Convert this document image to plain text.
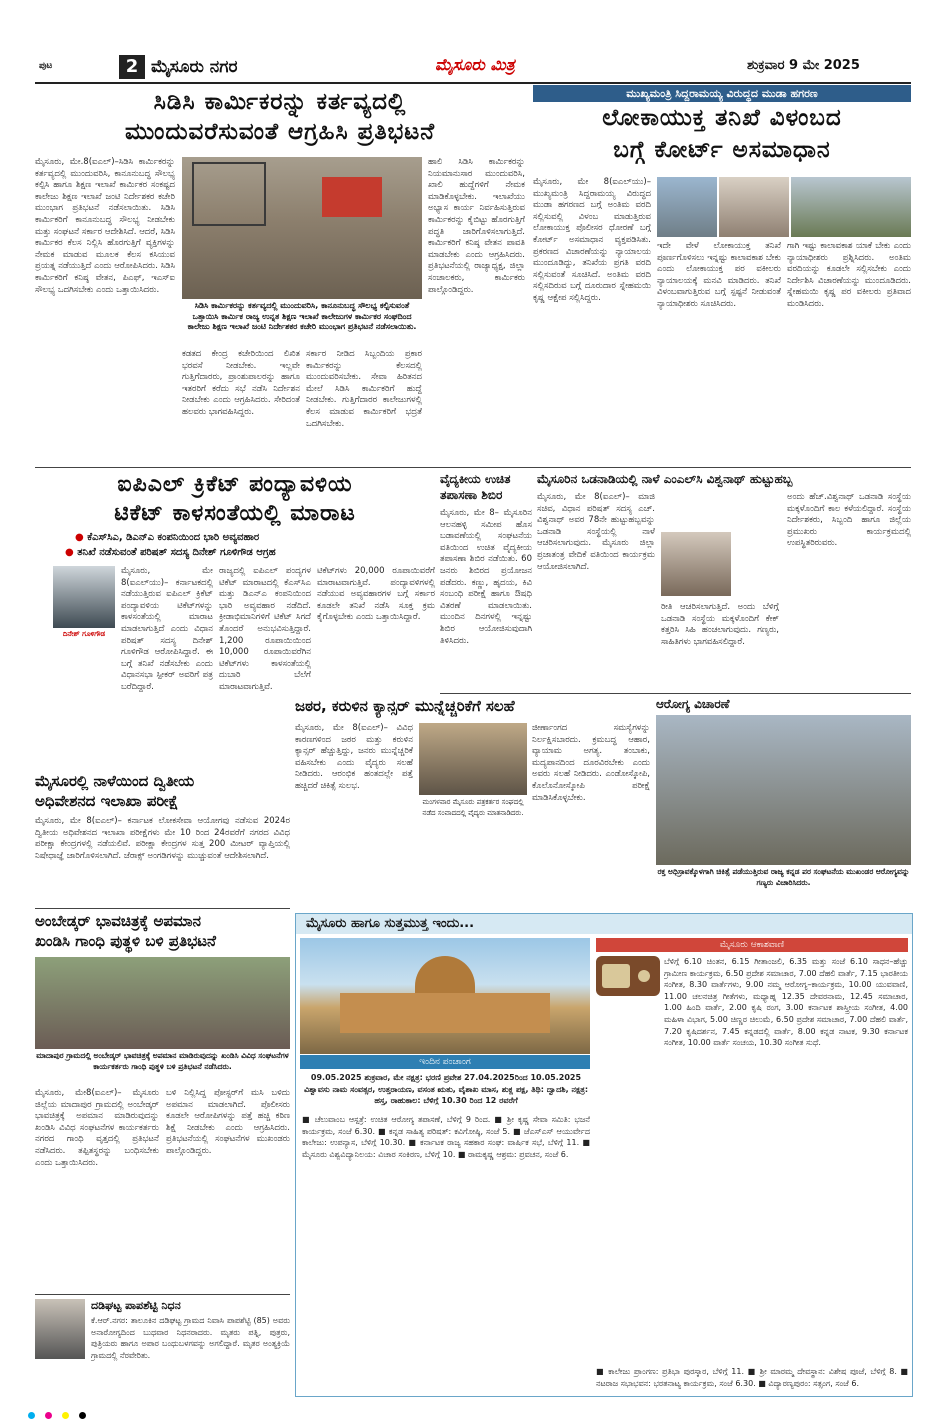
ಪುಟ	2 ಮೈಸೂರು ನಗರ	ಮೈಸೂರು ಮಿತ್ರ	ಶುಕ್ರವಾರ 9 ಮೇ 2025
ಸಿಡಿಸಿ ಕಾರ್ಮಿಕರನ್ನು ಕರ್ತವ್ಯದಲ್ಲಿ
ಮುಂದುವರೆಸುವಂತೆ ಆಗ್ರಹಿಸಿ ಪ್ರತಿಭಟನೆ
ಮೈಸೂರು, ಮೇ.8(ಐಎಲ್)–ಸಿಡಿಸಿ ಕಾರ್ಮಿಕರನ್ನು ಕರ್ತವ್ಯದಲ್ಲಿ ಮುಂದುವರಿಸಿ, ಕಾನೂನುಬದ್ಧ ಸೌಲಭ್ಯ ಕಲ್ಪಿಸಿ ಹಾಗೂ ಶಿಕ್ಷಣ ಇಲಾಖೆ ಕಾರ್ಮಿಕರ ಸಂಕಷ್ಟದ ಕಾಲೇಜು ಶಿಕ್ಷಣ ಇಲಾಖೆ ಜಂಟಿ ನಿರ್ದೇಶಕರ ಕಚೇರಿ ಮುಂಭಾಗ ಪ್ರತಿಭಟನೆ ನಡೆಸಲಾಯಿತು. ಸಿಡಿಸಿ ಕಾರ್ಮಿಕರಿಗೆ ಕಾನೂನುಬದ್ಧ ಸೌಲಭ್ಯ ನೀಡಬೇಕು ಮತ್ತು ಸಂಘಟನೆ ಸರ್ಕಾರ ಆದೇಶಿಸಿದೆ. ಆದರೆ, ಸಿಡಿಸಿ ಕಾರ್ಮಿಕರ ಕೆಲಸ ನಿಲ್ಲಿಸಿ ಹೊರಗುತ್ತಿಗೆ ವ್ಯಕ್ತಿಗಳನ್ನು ನೇಮಕ ಮಾಡುವ ಮೂಲಕ ಕೆಲಸ ಕಸಿಯುವ ಪ್ರಯತ್ನ ನಡೆಯುತ್ತಿದೆ ಎಂದು ಆರೋಪಿಸಿದರು. ಸಿಡಿಸಿ ಕಾರ್ಮಿಕರಿಗೆ ಕನಿಷ್ಠ ವೇತನ, ಪಿಎಫ್, ಇಎಸ್ಐ ಸೌಲಭ್ಯ ಒದಗಿಸಬೇಕು ಎಂದು ಒತ್ತಾಯಿಸಿದರು.
ಸಿಡಿಸಿ ಕಾರ್ಮಿಕರನ್ನು ಕರ್ತವ್ಯದಲ್ಲಿ ಮುಂದುವರಿಸಿ, ಕಾನೂನುಬದ್ಧ ಸೌಲಭ್ಯ ಕಲ್ಪಿಸುವಂತೆ ಒತ್ತಾಯಿಸಿ ಕಾರ್ಮಿಕ ರಾಜ್ಯ ಉನ್ನತ ಶಿಕ್ಷಣ ಇಲಾಖೆ ಕಾಲೇಜುಗಳ ಕಾರ್ಮಿಕರ ಸಂಘದಿಂದ ಕಾಲೇಜು ಶಿಕ್ಷಣ ಇಲಾಖೆ ಜಂಟಿ ನಿರ್ದೇಶಕರ ಕಚೇರಿ ಮುಂಭಾಗ ಪ್ರತಿಭಟನೆ ನಡೆಸಲಾಯಿತು.
ಕಡತದ ಕೇಂದ್ರ ಕಚೇರಿಯಿಂದ ಲಿಖಿತ ಭರವಸೆ ನೀಡಬೇಕು. ಇಲ್ಲವೇ ಗುತ್ತಿಗೆದಾರರು, ಪ್ರಾಂಶುಪಾಲರನ್ನು ಹಾಗೂ ಇತರರಿಗೆ ಕರೆದು ಸಭೆ ನಡೆಸಿ ನಿರ್ದೇಶನ ನೀಡಬೇಕು ಎಂದು ಆಗ್ರಹಿಸಿದರು. ಸೇರಿದಂತೆ ಹಲವರು ಭಾಗವಹಿಸಿದ್ದರು.
ಸರ್ಕಾರ ನೀಡಿದ ಸಿಬ್ಬಂದಿಯ ಪ್ರಕಾರ ಕಾರ್ಮಿಕರನ್ನು ಕೆಲಸದಲ್ಲಿ ಮುಂದುವರಿಸಬೇಕು. ಸೇವಾ ಹಿರಿತನದ ಮೇಲೆ ಸಿಡಿಸಿ ಕಾರ್ಮಿಕರಿಗೆ ಹುದ್ದೆ ನೀಡಬೇಕು. ಗುತ್ತಿಗೆದಾರರ ಕಾಲೇಜುಗಳಲ್ಲಿ ಕೆಲಸ ಮಾಡುವ ಕಾರ್ಮಿಕರಿಗೆ ಭದ್ರತೆ ಒದಗಿಸಬೇಕು.
ಹಾಲಿ ಸಿಡಿಸಿ ಕಾರ್ಮಿಕರನ್ನು ನಿಯಮಾನುಸಾರ ಮುಂದುವರಿಸಿ, ಖಾಲಿ ಹುದ್ದೆಗಳಿಗೆ ನೇಮಕ ಮಾಡಿಕೊಳ್ಳಬೇಕು. ಇಲಾಖೆಯು ಅಭ್ಯಾಸ ಕಾರ್ಯ ನಿರ್ವಹಿಸುತ್ತಿರುವ ಕಾರ್ಮಿಕರನ್ನು ಕೈಬಿಟ್ಟು ಹೊರಗುತ್ತಿಗೆ ಪದ್ಧತಿ ಜಾರಿಗೊಳಿಸಲಾಗುತ್ತಿದೆ. ಕಾರ್ಮಿಕರಿಗೆ ಕನಿಷ್ಠ ವೇತನ ಪಾವತಿ ಮಾಡಬೇಕು ಎಂದು ಆಗ್ರಹಿಸಿದರು. ಪ್ರತಿಭಟನೆಯಲ್ಲಿ ರಾಜ್ಯಾಧ್ಯಕ್ಷ, ಜಿಲ್ಲಾ ಸಂಚಾಲಕರು, ಕಾರ್ಮಿಕರು ಪಾಲ್ಗೊಂಡಿದ್ದರು.
ಮುಖ್ಯಮಂತ್ರಿ ಸಿದ್ದರಾಮಯ್ಯ ವಿರುದ್ಧದ ಮುಡಾ ಹಗರಣ
ಲೋಕಾಯುಕ್ತ ತನಿಖೆ ವಿಳಂಬದ
ಬಗ್ಗೆ ಕೋರ್ಟ್ ಅಸಮಾಧಾನ
ಮೈಸೂರು, ಮೇ 8(ಐಎಲ್‌ಯು)– ಮುಖ್ಯಮಂತ್ರಿ ಸಿದ್ದರಾಮಯ್ಯ ವಿರುದ್ಧದ ಮುಡಾ ಹಗರಣದ ಬಗ್ಗೆ ಅಂತಿಮ ವರದಿ ಸಲ್ಲಿಸುವಲ್ಲಿ ವಿಳಂಬ ಮಾಡುತ್ತಿರುವ ಲೋಕಾಯುಕ್ತ ಪೊಲೀಸರ ಧೋರಣೆ ಬಗ್ಗೆ ಕೋರ್ಟ್ ಅಸಮಾಧಾನ ವ್ಯಕ್ತಪಡಿಸಿತು. ಪ್ರಕರಣದ ವಿಚಾರಣೆಯನ್ನು ನ್ಯಾಯಾಲಯ ಮುಂದೂಡಿದ್ದು, ತನಿಖೆಯ ಪ್ರಗತಿ ವರದಿ ಸಲ್ಲಿಸುವಂತೆ ಸೂಚಿಸಿದೆ. ಅಂತಿಮ ವರದಿ ಸಲ್ಲಿಸದಿರುವ ಬಗ್ಗೆ ದೂರುದಾರ ಸ್ನೇಹಮಯಿ ಕೃಷ್ಣ ಆಕ್ಷೇಪ ಸಲ್ಲಿಸಿದ್ದರು.
ಇದೇ ವೇಳೆ ಲೋಕಾಯುಕ್ತ ತನಿಖೆ ಪೂರ್ಣಗೊಳಿಸಲು ಇನ್ನಷ್ಟು ಕಾಲಾವಕಾಶ ಬೇಕು ಎಂದು ಲೋಕಾಯುಕ್ತ ಪರ ವಕೀಲರು ನ್ಯಾಯಾಲಯಕ್ಕೆ ಮನವಿ ಮಾಡಿದರು. ತನಿಖೆ ವಿಳಂಬವಾಗುತ್ತಿರುವ ಬಗ್ಗೆ ಸ್ಪಷ್ಟನೆ ನೀಡುವಂತೆ ನ್ಯಾಯಾಧೀಶರು ಸೂಚಿಸಿದರು.
ಗಾಗಿ ಇಷ್ಟು ಕಾಲಾವಕಾಶ ಯಾಕೆ ಬೇಕು ಎಂದು ನ್ಯಾಯಾಧೀಶರು ಪ್ರಶ್ನಿಸಿದರು. ಅಂತಿಮ ವರದಿಯನ್ನು ಕೂಡಲೇ ಸಲ್ಲಿಸಬೇಕು ಎಂದು ನಿರ್ದೇಶಿಸಿ ವಿಚಾರಣೆಯನ್ನು ಮುಂದೂಡಿದರು. ಸ್ನೇಹಮಯಿ ಕೃಷ್ಣ ಪರ ವಕೀಲರು ಪ್ರತಿವಾದ ಮಂಡಿಸಿದರು.
ಐಪಿಎಲ್ ಕ್ರಿಕೆಟ್ ಪಂದ್ಯಾವಳಿಯ
ಟಿಕೆಟ್ ಕಾಳಸಂತೆಯಲ್ಲಿ ಮಾರಾಟ
● ಕೆಎಸ್‌ಸಿಎ, ಡಿಎನ್‌ಎ ಕಂಪನಿಯಿಂದ ಭಾರಿ ಅವ್ಯವಹಾರ
● ತನಿಖೆ ನಡೆಸುವಂತೆ ಪರಿಷತ್ ಸದಸ್ಯ ದಿನೇಶ್ ಗೂಳಿಗೌಡ ಆಗ್ರಹ
ದಿನೇಶ್ ಗೂಳಿಗೌಡ
ಮೈಸೂರು, ಮೇ 8(ಐಎಲ್‌ಯು)– ಕರ್ನಾಟಕದಲ್ಲಿ ನಡೆಯುತ್ತಿರುವ ಐಪಿಎಲ್ ಕ್ರಿಕೆಟ್ ಪಂದ್ಯಾವಳಿಯ ಟಿಕೆಟ್‌ಗಳನ್ನು ಕಾಳಸಂತೆಯಲ್ಲಿ ಮಾರಾಟ ಮಾಡಲಾಗುತ್ತಿದೆ ಎಂದು ವಿಧಾನ ಪರಿಷತ್ ಸದಸ್ಯ ದಿನೇಶ್ ಗೂಳಿಗೌಡ ಆರೋಪಿಸಿದ್ದಾರೆ. ಈ ಬಗ್ಗೆ ತನಿಖೆ ನಡೆಸಬೇಕು ಎಂದು ವಿಧಾನಸಭಾ ಸ್ಪೀಕರ್‌ ಅವರಿಗೆ ಪತ್ರ ಬರೆದಿದ್ದಾರೆ.
ರಾಜ್ಯದಲ್ಲಿ ಐಪಿಎಲ್ ಪಂದ್ಯಗಳ ಟಿಕೆಟ್ ಮಾರಾಟದಲ್ಲಿ ಕೆಎಸ್‌ಸಿಎ ಮತ್ತು ಡಿಎನ್‌ಎ ಕಂಪನಿಯಿಂದ ಭಾರಿ ಅವ್ಯವಹಾರ ನಡೆದಿದೆ. ಕ್ರೀಡಾಭಿಮಾನಿಗಳಿಗೆ ಟಿಕೆಟ್ ಸಿಗದೆ ತೊಂದರೆ ಅನುಭವಿಸುತ್ತಿದ್ದಾರೆ. 1,200 ರೂಪಾಯಿಯಿಂದ 10,000 ರೂಪಾಯಿವರೆಗಿನ ಟಿಕೆಟ್‌ಗಳು ಕಾಳಸಂತೆಯಲ್ಲಿ ದುಬಾರಿ ಬೆಲೆಗೆ ಮಾರಾಟವಾಗುತ್ತಿವೆ.
ಟಿಕೆಟ್‌ಗಳು 20,000 ರೂಪಾಯಿವರೆಗೆ ಮಾರಾಟವಾಗುತ್ತಿವೆ. ಪಂದ್ಯಾವಳಿಗಳಲ್ಲಿ ನಡೆಯುವ ಅವ್ಯವಹಾರಗಳ ಬಗ್ಗೆ ಸರ್ಕಾರ ಕೂಡಲೇ ತನಿಖೆ ನಡೆಸಿ ಸೂಕ್ತ ಕ್ರಮ ಕೈಗೊಳ್ಳಬೇಕು ಎಂದು ಒತ್ತಾಯಿಸಿದ್ದಾರೆ.
ವೈದ್ಯಕೀಯ ಉಚಿತ
ತಪಾಸಣಾ ಶಿಬಿರ
ಮೈಸೂರು, ಮೇ 8– ಮೈಸೂರಿನ ಆಲನಹಳ್ಳಿ ಸಮೀಪ ಹೊಸ ಬಡಾವಣೆಯಲ್ಲಿ ಸಂಘಟನೆಯ ವತಿಯಿಂದ ಉಚಿತ ವೈದ್ಯಕೀಯ ತಪಾಸಣಾ ಶಿಬಿರ ನಡೆಯಿತು. 60 ಜನರು ಶಿಬಿರದ ಪ್ರಯೋಜನ ಪಡೆದರು. ಕಣ್ಣು, ಹೃದಯ, ಕಿವಿ ಸಂಬಂಧಿ ಪರೀಕ್ಷೆ ಹಾಗೂ ಔಷಧಿ ವಿತರಣೆ ಮಾಡಲಾಯಿತು. ಮುಂದಿನ ದಿನಗಳಲ್ಲಿ ಇನ್ನಷ್ಟು ಶಿಬಿರ ಆಯೋಜಿಸುವುದಾಗಿ ತಿಳಿಸಿದರು.
ಮೈಸೂರಿನ ಒಡನಾಡಿಯಲ್ಲಿ ನಾಳೆ ಎಂಎಲ್‌ಸಿ ವಿಶ್ವನಾಥ್ ಹುಟ್ಟುಹಬ್ಬ
ಮೈಸೂರು, ಮೇ 8(ಐಎಲ್)– ಮಾಜಿ ಸಚಿವ, ವಿಧಾನ ಪರಿಷತ್ ಸದಸ್ಯ ಎಚ್. ವಿಶ್ವನಾಥ್ ಅವರ 78ನೇ ಹುಟ್ಟುಹಬ್ಬವನ್ನು ಒಡನಾಡಿ ಸಂಸ್ಥೆಯಲ್ಲಿ ನಾಳೆ ಆಚರಿಸಲಾಗುವುದು. ಮೈಸೂರು ಜಿಲ್ಲಾ ಪ್ರಜಾತಂತ್ರ ವೇದಿಕೆ ವತಿಯಿಂದ ಕಾರ್ಯಕ್ರಮ ಆಯೋಜಿಸಲಾಗಿದೆ.
ರೀತಿ ಆಚರಿಸಲಾಗುತ್ತಿದೆ. ಅಂದು ಬೆಳಿಗ್ಗೆ ಒಡನಾಡಿ ಸಂಸ್ಥೆಯ ಮಕ್ಕಳೊಂದಿಗೆ ಕೇಕ್ ಕತ್ತರಿಸಿ ಸಿಹಿ ಹಂಚಲಾಗುವುದು. ಗಣ್ಯರು, ಸಾಹಿತಿಗಳು ಭಾಗವಹಿಸಲಿದ್ದಾರೆ.
ಅಂದು ಹೆಚ್.ವಿಶ್ವನಾಥ್ ಒಡನಾಡಿ ಸಂಸ್ಥೆಯ ಮಕ್ಕಳೊಂದಿಗೆ ಕಾಲ ಕಳೆಯಲಿದ್ದಾರೆ. ಸಂಸ್ಥೆಯ ನಿರ್ದೇಶಕರು, ಸಿಬ್ಬಂದಿ ಹಾಗೂ ಜಿಲ್ಲೆಯ ಪ್ರಮುಖರು ಕಾರ್ಯಕ್ರಮದಲ್ಲಿ ಉಪಸ್ಥಿತರಿರುವರು.
ಜಠರ, ಕರುಳಿನ ಕ್ಯಾನ್ಸರ್ ಮುನ್ನೆಚ್ಚರಿಕೆಗೆ ಸಲಹೆ
ಮೈಸೂರು, ಮೇ 8(ಐಎಲ್)– ವಿವಿಧ ಕಾರಣಗಳಿಂದ ಜಠರ ಮತ್ತು ಕರುಳಿನ ಕ್ಯಾನ್ಸರ್ ಹೆಚ್ಚುತ್ತಿದ್ದು, ಜನರು ಮುನ್ನೆಚ್ಚರಿಕೆ ವಹಿಸಬೇಕು ಎಂದು ವೈದ್ಯರು ಸಲಹೆ ನೀಡಿದರು. ಆರಂಭಿಕ ಹಂತದಲ್ಲೇ ಪತ್ತೆ ಹಚ್ಚಿದರೆ ಚಿಕಿತ್ಸೆ ಸುಲಭ.
ಮಂಗಳವಾರ ಮೈಸೂರು ಪತ್ರಕರ್ತರ ಸಂಘದಲ್ಲಿ ನಡೆದ ಸಂವಾದದಲ್ಲಿ ವೈದ್ಯರು ಮಾತನಾಡಿದರು.
ಜೀರ್ಣಾಂಗದ ಸಮಸ್ಯೆಗಳನ್ನು ನಿರ್ಲಕ್ಷಿಸಬಾರದು. ಕ್ರಮಬದ್ಧ ಆಹಾರ, ವ್ಯಾಯಾಮ ಅಗತ್ಯ. ತಂಬಾಕು, ಮದ್ಯಪಾನದಿಂದ ದೂರವಿರಬೇಕು ಎಂದು ಅವರು ಸಲಹೆ ನೀಡಿದರು. ಎಂಡೋಸ್ಕೋಪಿ, ಕೊಲೊನೋಸ್ಕೋಪಿ ಪರೀಕ್ಷೆ ಮಾಡಿಸಿಕೊಳ್ಳಬೇಕು.
ಆರೋಗ್ಯ ವಿಚಾರಣೆ
ರಕ್ತ ಅಧಿಸ್ರಾವಕ್ಕೊಳಗಾಗಿ ಚಿಕಿತ್ಸೆ ಪಡೆಯುತ್ತಿರುವ ರಾಜ್ಯ ಕನ್ನಡ ಪರ ಸಂಘಟನೆಯ ಮುಖಂಡರ ಆರೋಗ್ಯವನ್ನು ಗಣ್ಯರು ವಿಚಾರಿಸಿದರು.
ಮೈಸೂರಲ್ಲಿ ನಾಳೆಯಿಂದ ದ್ವಿತೀಯ
ಅಧಿವೇಶನದ ಇಲಾಖಾ ಪರೀಕ್ಷೆ
ಮೈಸೂರು, ಮೇ 8(ಐಎಲ್)– ಕರ್ನಾಟಕ ಲೋಕಸೇವಾ ಆಯೋಗವು ನಡೆಸುವ 2024ರ ದ್ವಿತೀಯ ಅಧಿವೇಶನದ ಇಲಾಖಾ ಪರೀಕ್ಷೆಗಳು ಮೇ 10 ರಿಂದ 24ರವರೆಗೆ ನಗರದ ವಿವಿಧ ಪರೀಕ್ಷಾ ಕೇಂದ್ರಗಳಲ್ಲಿ ನಡೆಯಲಿವೆ. ಪರೀಕ್ಷಾ ಕೇಂದ್ರಗಳ ಸುತ್ತ 200 ಮೀಟರ್ ವ್ಯಾಪ್ತಿಯಲ್ಲಿ ನಿಷೇಧಾಜ್ಞೆ ಜಾರಿಗೊಳಿಸಲಾಗಿದೆ. ಜೆರಾಕ್ಸ್ ಅಂಗಡಿಗಳನ್ನು ಮುಚ್ಚುವಂತೆ ಆದೇಶಿಸಲಾಗಿದೆ.
ಅಂಬೇಡ್ಕರ್ ಭಾವಚಿತ್ರಕ್ಕೆ ಅಪಮಾನ
ಖಂಡಿಸಿ ಗಾಂಧಿ ಪುತ್ಥಳಿ ಬಳಿ ಪ್ರತಿಭಟನೆ
ಮಾದಾಪುರ ಗ್ರಾಮದಲ್ಲಿ ಅಂಬೇಡ್ಕರ್ ಭಾವಚಿತ್ರಕ್ಕೆ ಅಪಮಾನ ಮಾಡಿರುವುದನ್ನು ಖಂಡಿಸಿ ವಿವಿಧ ಸಂಘಟನೆಗಳ ಕಾರ್ಯಕರ್ತರು ಗಾಂಧಿ ಪುತ್ಥಳಿ ಬಳಿ ಪ್ರತಿಭಟನೆ ನಡೆಸಿದರು.
ಮೈಸೂರು, ಮೇ8(ಐಎಲ್)– ಮೈಸೂರು ಜಿಲ್ಲೆಯ ಮಾದಾಪುರ ಗ್ರಾಮದಲ್ಲಿ ಅಂಬೇಡ್ಕರ್ ಭಾವಚಿತ್ರಕ್ಕೆ ಅಪಮಾನ ಮಾಡಿರುವುದನ್ನು ಖಂಡಿಸಿ ವಿವಿಧ ಸಂಘಟನೆಗಳ ಕಾರ್ಯಕರ್ತರು ನಗರದ ಗಾಂಧಿ ವೃತ್ತದಲ್ಲಿ ಪ್ರತಿಭಟನೆ ನಡೆಸಿದರು. ತಪ್ಪಿತಸ್ಥರನ್ನು ಬಂಧಿಸಬೇಕು ಎಂದು ಒತ್ತಾಯಿಸಿದರು.
ಬಳಿ ನಿಲ್ಲಿಸಿದ್ದ ಪೋಸ್ಟರ್‌ಗೆ ಮಸಿ ಬಳಿದು ಅಪಮಾನ ಮಾಡಲಾಗಿದೆ. ಪೊಲೀಸರು ಕೂಡಲೇ ಆರೋಪಿಗಳನ್ನು ಪತ್ತೆ ಹಚ್ಚಿ ಕಠಿಣ ಶಿಕ್ಷೆ ನೀಡಬೇಕು ಎಂದು ಆಗ್ರಹಿಸಿದರು. ಪ್ರತಿಭಟನೆಯಲ್ಲಿ ಸಂಘಟನೆಗಳ ಮುಖಂಡರು ಪಾಲ್ಗೊಂಡಿದ್ದರು.
ದಡಿಘಟ್ಟ ಪಾಪಶೆಟ್ಟಿ ನಿಧನ
ಕೆ.ಆರ್.ನಗರ: ತಾಲೂಕಿನ ದಡಿಘಟ್ಟ ಗ್ರಾಮದ ನಿವಾಸಿ ಪಾಪಶೆಟ್ಟಿ (85) ಅವರು ಅನಾರೋಗ್ಯದಿಂದ ಬುಧವಾರ ನಿಧನರಾದರು. ಮೃತರು ಪತ್ನಿ, ಪುತ್ರರು, ಪುತ್ರಿಯರು ಹಾಗೂ ಅಪಾರ ಬಂಧುಬಳಗವನ್ನು ಅಗಲಿದ್ದಾರೆ. ಮೃತರ ಅಂತ್ಯಕ್ರಿಯೆ ಗ್ರಾಮದಲ್ಲಿ ನೆರವೇರಿತು.
ಮೈಸೂರು ಹಾಗೂ ಸುತ್ತಮುತ್ತ ಇಂದು...
ಇಂದಿನ ಪಂಚಾಂಗ
09.05.2025 ಶುಕ್ರವಾರ, ಮೇ ನಕ್ಷತ್ರ: ಭರಣಿ ಪ್ರವೇಶ 27.04.2025ರಿಂದ 10.05.2025 ವಿಶ್ವಾವಸು ನಾಮ ಸಂವತ್ಸರ, ಉತ್ತರಾಯಣ, ವಸಂತ ಋತು, ವೈಶಾಖ ಮಾಸ, ಶುಕ್ಲ ಪಕ್ಷ, ತಿಥಿ: ದ್ವಾದಶಿ, ನಕ್ಷತ್ರ: ಹಸ್ತ, ರಾಹುಕಾಲ: ಬೆಳಿಗ್ಗೆ 10.30 ರಿಂದ 12 ರವರೆಗೆ
ಮೈಸೂರು ಆಕಾಶವಾಣಿ
ಬೆಳಿಗ್ಗೆ 6.10 ಚಿಂತನ, 6.15 ಗೀತಾಂಜಲಿ, 6.35 ಮತ್ತು ಸಂಜೆ 6.10 ಸಾಧನ–ಹೆಚ್ಚು ಗ್ರಾಮೀಣ ಕಾರ್ಯಕ್ರಮ, 6.50 ಪ್ರದೇಶ ಸಮಾಚಾರ, 7.00 ದೆಹಲಿ ವಾರ್ತೆ, 7.15 ಭಾರತೀಯ ಸಂಗೀತ, 8.30 ವಾರ್ತೆಗಳು, 9.00 ನಮ್ಮ ಆರೋಗ್ಯ–ಕಾರ್ಯಕ್ರಮ, 10.00 ಯುವವಾಣಿ, 11.00 ಚಲನಚಿತ್ರ ಗೀತೆಗಳು, ಮಧ್ಯಾಹ್ನ 12.35 ದೇವರನಾಮ, 12.45 ಸಮಾಚಾರ, 1.00 ಹಿಂದಿ ವಾರ್ತೆ, 2.00 ಕೃಷಿ ರಂಗ, 3.00 ಕರ್ನಾಟಕ ಶಾಸ್ತ್ರೀಯ ಸಂಗೀತ, 4.00 ಮಹಿಳಾ ವಿಭಾಗ, 5.00 ಚಿಣ್ಣರ ಚಿಲುಮೆ, 6.50 ಪ್ರದೇಶ ಸಮಾಚಾರ, 7.00 ದೆಹಲಿ ವಾರ್ತೆ, 7.20 ಕೃಷಿದರ್ಶನ, 7.45 ಕನ್ನಡದಲ್ಲಿ ವಾರ್ತೆ, 8.00 ಕನ್ನಡ ನಾಟಕ, 9.30 ಕರ್ನಾಟಕ ಸಂಗೀತ, 10.00 ವಾರ್ತೆ ಸಂಚಯ, 10.30 ಸಂಗೀತ ಸುಧೆ.
■ ಚೆಲುವಾಂಬ ಆಸ್ಪತ್ರೆ: ಉಚಿತ ಆರೋಗ್ಯ ತಪಾಸಣೆ, ಬೆಳಿಗ್ಗೆ 9 ರಿಂದ. ■ ಶ್ರೀ ಕೃಷ್ಣ ಸೇವಾ ಸಮಿತಿ: ಭಜನೆ ಕಾರ್ಯಕ್ರಮ, ಸಂಜೆ 6.30. ■ ಕನ್ನಡ ಸಾಹಿತ್ಯ ಪರಿಷತ್: ಕವಿಗೋಷ್ಠಿ, ಸಂಜೆ 5. ■ ಜೆಎಸ್‌ಎಸ್ ಆಯುರ್ವೇದ ಕಾಲೇಜು: ಉಪನ್ಯಾಸ, ಬೆಳಿಗ್ಗೆ 10.30. ■ ಕರ್ನಾಟಕ ರಾಜ್ಯ ಸಹಕಾರ ಸಂಘ: ವಾರ್ಷಿಕ ಸಭೆ, ಬೆಳಿಗ್ಗೆ 11. ■ ಮೈಸೂರು ವಿಶ್ವವಿದ್ಯಾನಿಲಯ: ವಿಚಾರ ಸಂಕಿರಣ, ಬೆಳಿಗ್ಗೆ 10. ■ ರಾಮಕೃಷ್ಣ ಆಶ್ರಮ: ಪ್ರವಚನ, ಸಂಜೆ 6.
■ ಕಾಲೇಜು ಪ್ರಾಂಗಣ: ಪ್ರತಿಭಾ ಪುರಸ್ಕಾರ, ಬೆಳಿಗ್ಗೆ 11. ■ ಶ್ರೀ ಮಾರಮ್ಮ ದೇವಸ್ಥಾನ: ವಿಶೇಷ ಪೂಜೆ, ಬೆಳಿಗ್ಗೆ 8. ■ ನಟರಾಜ ಸಭಾಭವನ: ಭರತನಾಟ್ಯ ಕಾರ್ಯಕ್ರಮ, ಸಂಜೆ 6.30. ■ ವಿದ್ಯಾರಣ್ಯಪುರಂ: ಸತ್ಸಂಗ, ಸಂಜೆ 6.
